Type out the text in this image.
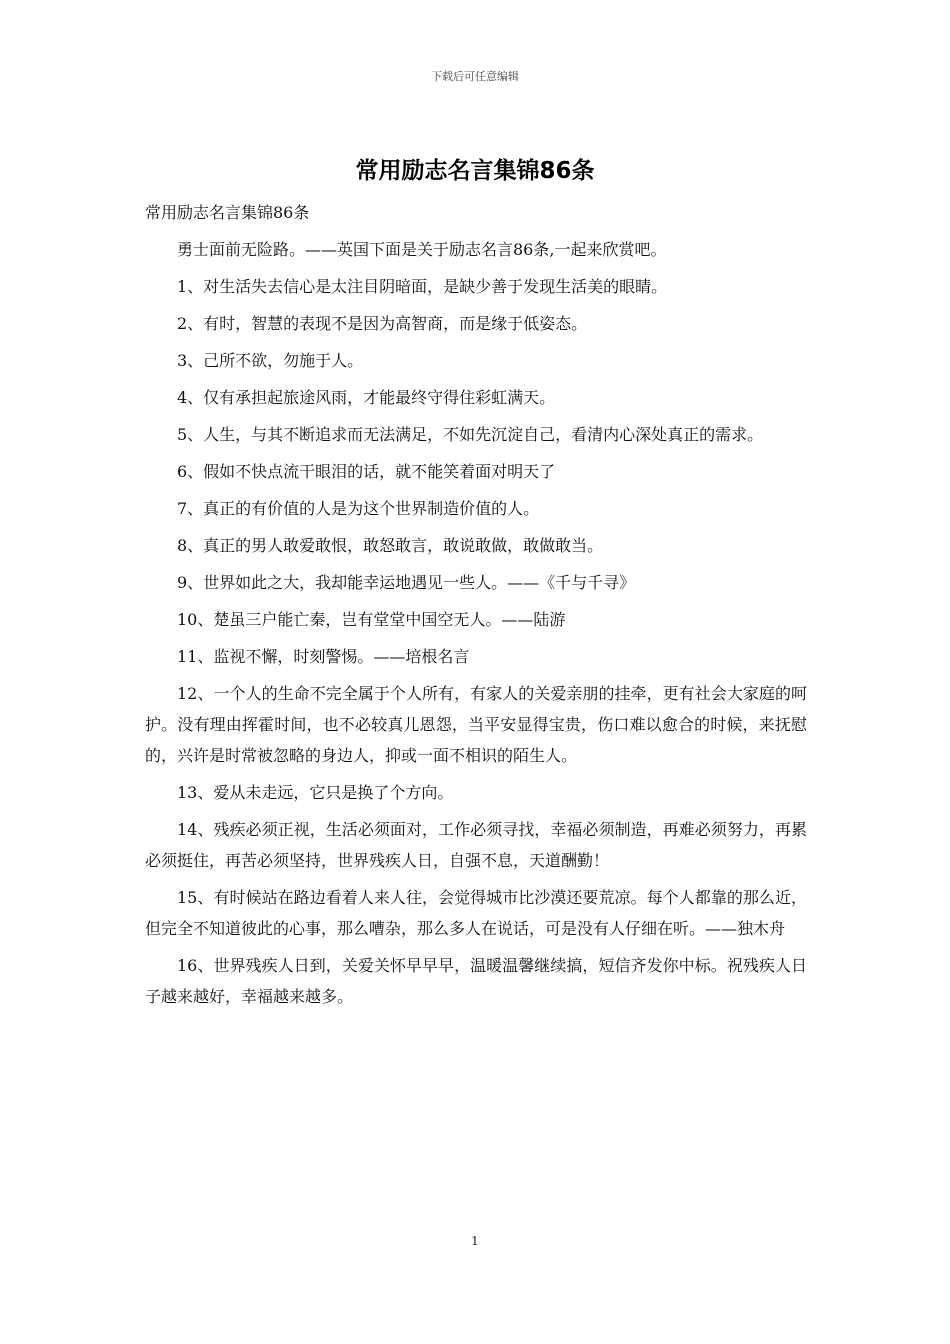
下载后可任意编辑
常用励志名言集锦86条

常用励志名言集锦86条

勇士面前无险路。——英国下面是关于励志名言86条,一起来欣赏吧。

1、对生活失去信心是太注目阴暗面，是缺少善于发现生活美的眼睛。

2、有时，智慧的表现不是因为高智商，而是缘于低姿态。

3、己所不欲，勿施于人。

4、仅有承担起旅途风雨，才能最终守得住彩虹满天。

5、人生，与其不断追求而无法满足，不如先沉淀自己，看清内心深处真正的需求。

6、假如不快点流干眼泪的话，就不能笑着面对明天了

7、真正的有价值的人是为这个世界制造价值的人。

8、真正的男人敢爱敢恨，敢怒敢言，敢说敢做，敢做敢当。

9、世界如此之大，我却能幸运地遇见一些人。——《千与千寻》

10、楚虽三户能亡秦，岂有堂堂中国空无人。——陆游

11、监视不懈，时刻警惕。——培根名言

12、一个人的生命不完全属于个人所有，有家人的关爱亲朋的挂牵，更有社会大家庭的呵护。没有理由挥霍时间，也不必较真儿恩怨，当平安显得宝贵，伤口难以愈合的时候，来抚慰的，兴许是时常被忽略的身边人，抑或一面不相识的陌生人。

13、爱从未走远，它只是换了个方向。

14、残疾必须正视，生活必须面对，工作必须寻找，幸福必须制造，再难必须努力，再累必须挺住，再苦必须坚持，世界残疾人日，自强不息，天道酬勤！

15、有时候站在路边看着人来人往，会觉得城市比沙漠还要荒凉。每个人都靠的那么近，但完全不知道彼此的心事，那么嘈杂，那么多人在说话，可是没有人仔细在听。——独木舟

16、世界残疾人日到，关爱关怀早早早，温暖温馨继续搞，短信齐发你中标。祝残疾人日子越来越好，幸福越来越多。

1
